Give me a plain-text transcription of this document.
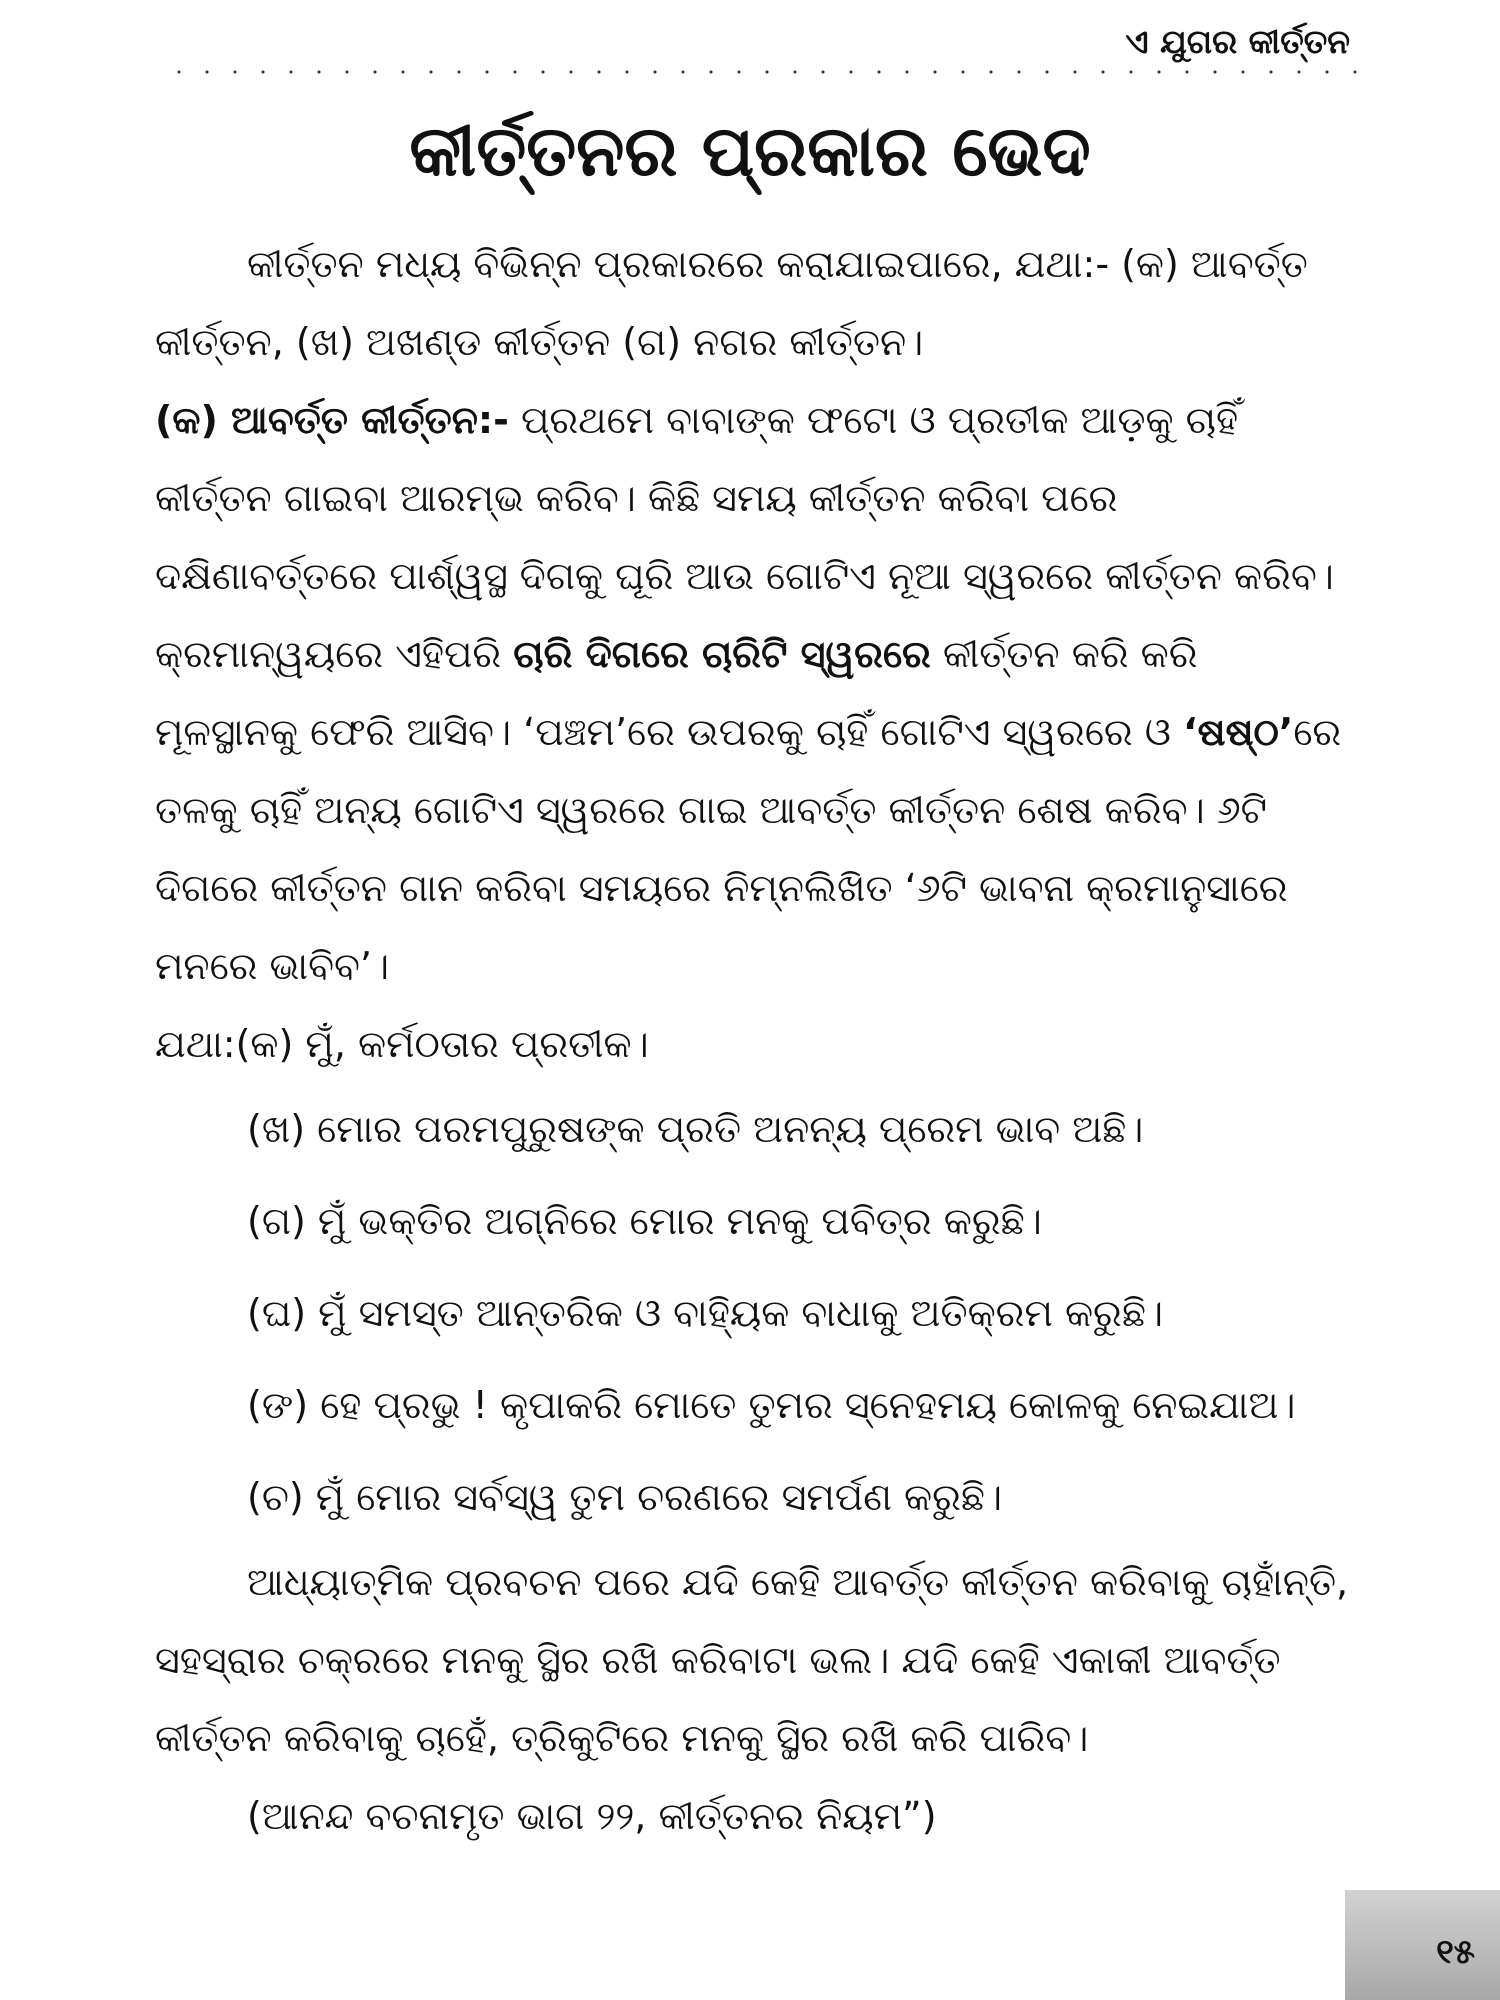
ଏ ଯୁଗର କୀର୍ତ୍ତନ
କୀର୍ତ୍ତନର ପ୍ରକାର ଭେଦ

କୀର୍ତ୍ତନ ମଧ୍ୟ ବିଭିନ୍ନ ପ୍ରକାରରେ କରାଯାଇପାରେ, ଯଥା:- (କ) ଆବର୍ତ୍ତ କୀର୍ତ୍ତନ, (ଖ) ଅଖଣ୍ଡ କୀର୍ତ୍ତନ (ଗ) ନଗର କୀର୍ତ୍ତନ।

(କ) ଆବର୍ତ୍ତ କୀର୍ତ୍ତନ:- ପ୍ରଥମେ ବାବାଙ୍କ ଫଟୋ ଓ ପ୍ରତୀକ ଆଡ଼କୁ ଚାହିଁ କୀର୍ତ୍ତନ ଗାଇବା ଆରମ୍ଭ କରିବ। କିଛି ସମୟ କୀର୍ତ୍ତନ କରିବା ପରେ ଦକ୍ଷିଣାବର୍ତ୍ତରେ ପାର୍ଶ୍ୱସ୍ଥ ଦିଗକୁ ଘୂରି ଆଉ ଗୋଟିଏ ନୂଆ ସ୍ୱରରେ କୀର୍ତ୍ତନ କରିବ। କ୍ରମାନ୍ୱୟରେ ଏହିପରି ଚାରି ଦିଗରେ ଚାରିଟି ସ୍ୱରରେ କୀର୍ତ୍ତନ କରି କରି ମୂଳସ୍ଥାନକୁ ଫେରି ଆସିବ। ‘ପଞ୍ଚମ’ରେ ଉପରକୁ ଚାହିଁ ଗୋଟିଏ ସ୍ୱରରେ ଓ ‘ଷଷ୍ଠ’ରେ ତଳକୁ ଚାହିଁ ଅନ୍ୟ ଗୋଟିଏ ସ୍ୱରରେ ଗାଇ ଆବର୍ତ୍ତ କୀର୍ତ୍ତନ ଶେଷ କରିବ। ୬ଟି ଦିଗରେ କୀର୍ତ୍ତନ ଗାନ କରିବା ସମୟରେ ନିମ୍ନଲିଖିତ ‘୬ଟି ଭାବନା କ୍ରମାନୁସାରେ ମନରେ ଭାବିବ’।

ଯଥା:(କ) ମୁଁ, କର୍ମଠତାର ପ୍ରତୀକ।

(ଖ) ମୋର ପରମପୁରୁଷଙ୍କ ପ୍ରତି ଅନନ୍ୟ ପ୍ରେମ ଭାବ ଅଛି।

(ଗ) ମୁଁ ଭକ୍ତିର ଅଗ୍ନିରେ ମୋର ମନକୁ ପବିତ୍ର କରୁଛି।

(ଘ) ମୁଁ ସମସ୍ତ ଆନ୍ତରିକ ଓ ବାହ୍ୟିକ ବାଧାକୁ ଅତିକ୍ରମ କରୁଛି।

(ଙ) ହେ ପ୍ରଭୁ ! କୃପାକରି ମୋତେ ତୁମର ସ୍ନେହମୟ କୋଳକୁ ନେଇଯାଅ।

(ଚ) ମୁଁ ମୋର ସର୍ବସ୍ୱ ତୁମ ଚରଣରେ ସମର୍ପଣ କରୁଛି।

ଆଧ୍ୟାତ୍ମିକ ପ୍ରବଚନ ପରେ ଯଦି କେହି ଆବର୍ତ୍ତ କୀର୍ତ୍ତନ କରିବାକୁ ଚାହାଁନ୍ତି, ସହସ୍ରାର ଚକ୍ରରେ ମନକୁ ସ୍ଥିର ରଖି କରିବାଟା ଭଲ। ଯଦି କେହି ଏକାକୀ ଆବର୍ତ୍ତ କୀର୍ତ୍ତନ କରିବାକୁ ଚାହେଁ, ତ୍ରିକୁଟିରେ ମନକୁ ସ୍ଥିର ରଖି କରି ପାରିବ।

(ଆନନ୍ଦ ବଚନାମୃତ ଭାଗ ୨୨, କୀର୍ତ୍ତନର ନିୟମ”)

୧୫
